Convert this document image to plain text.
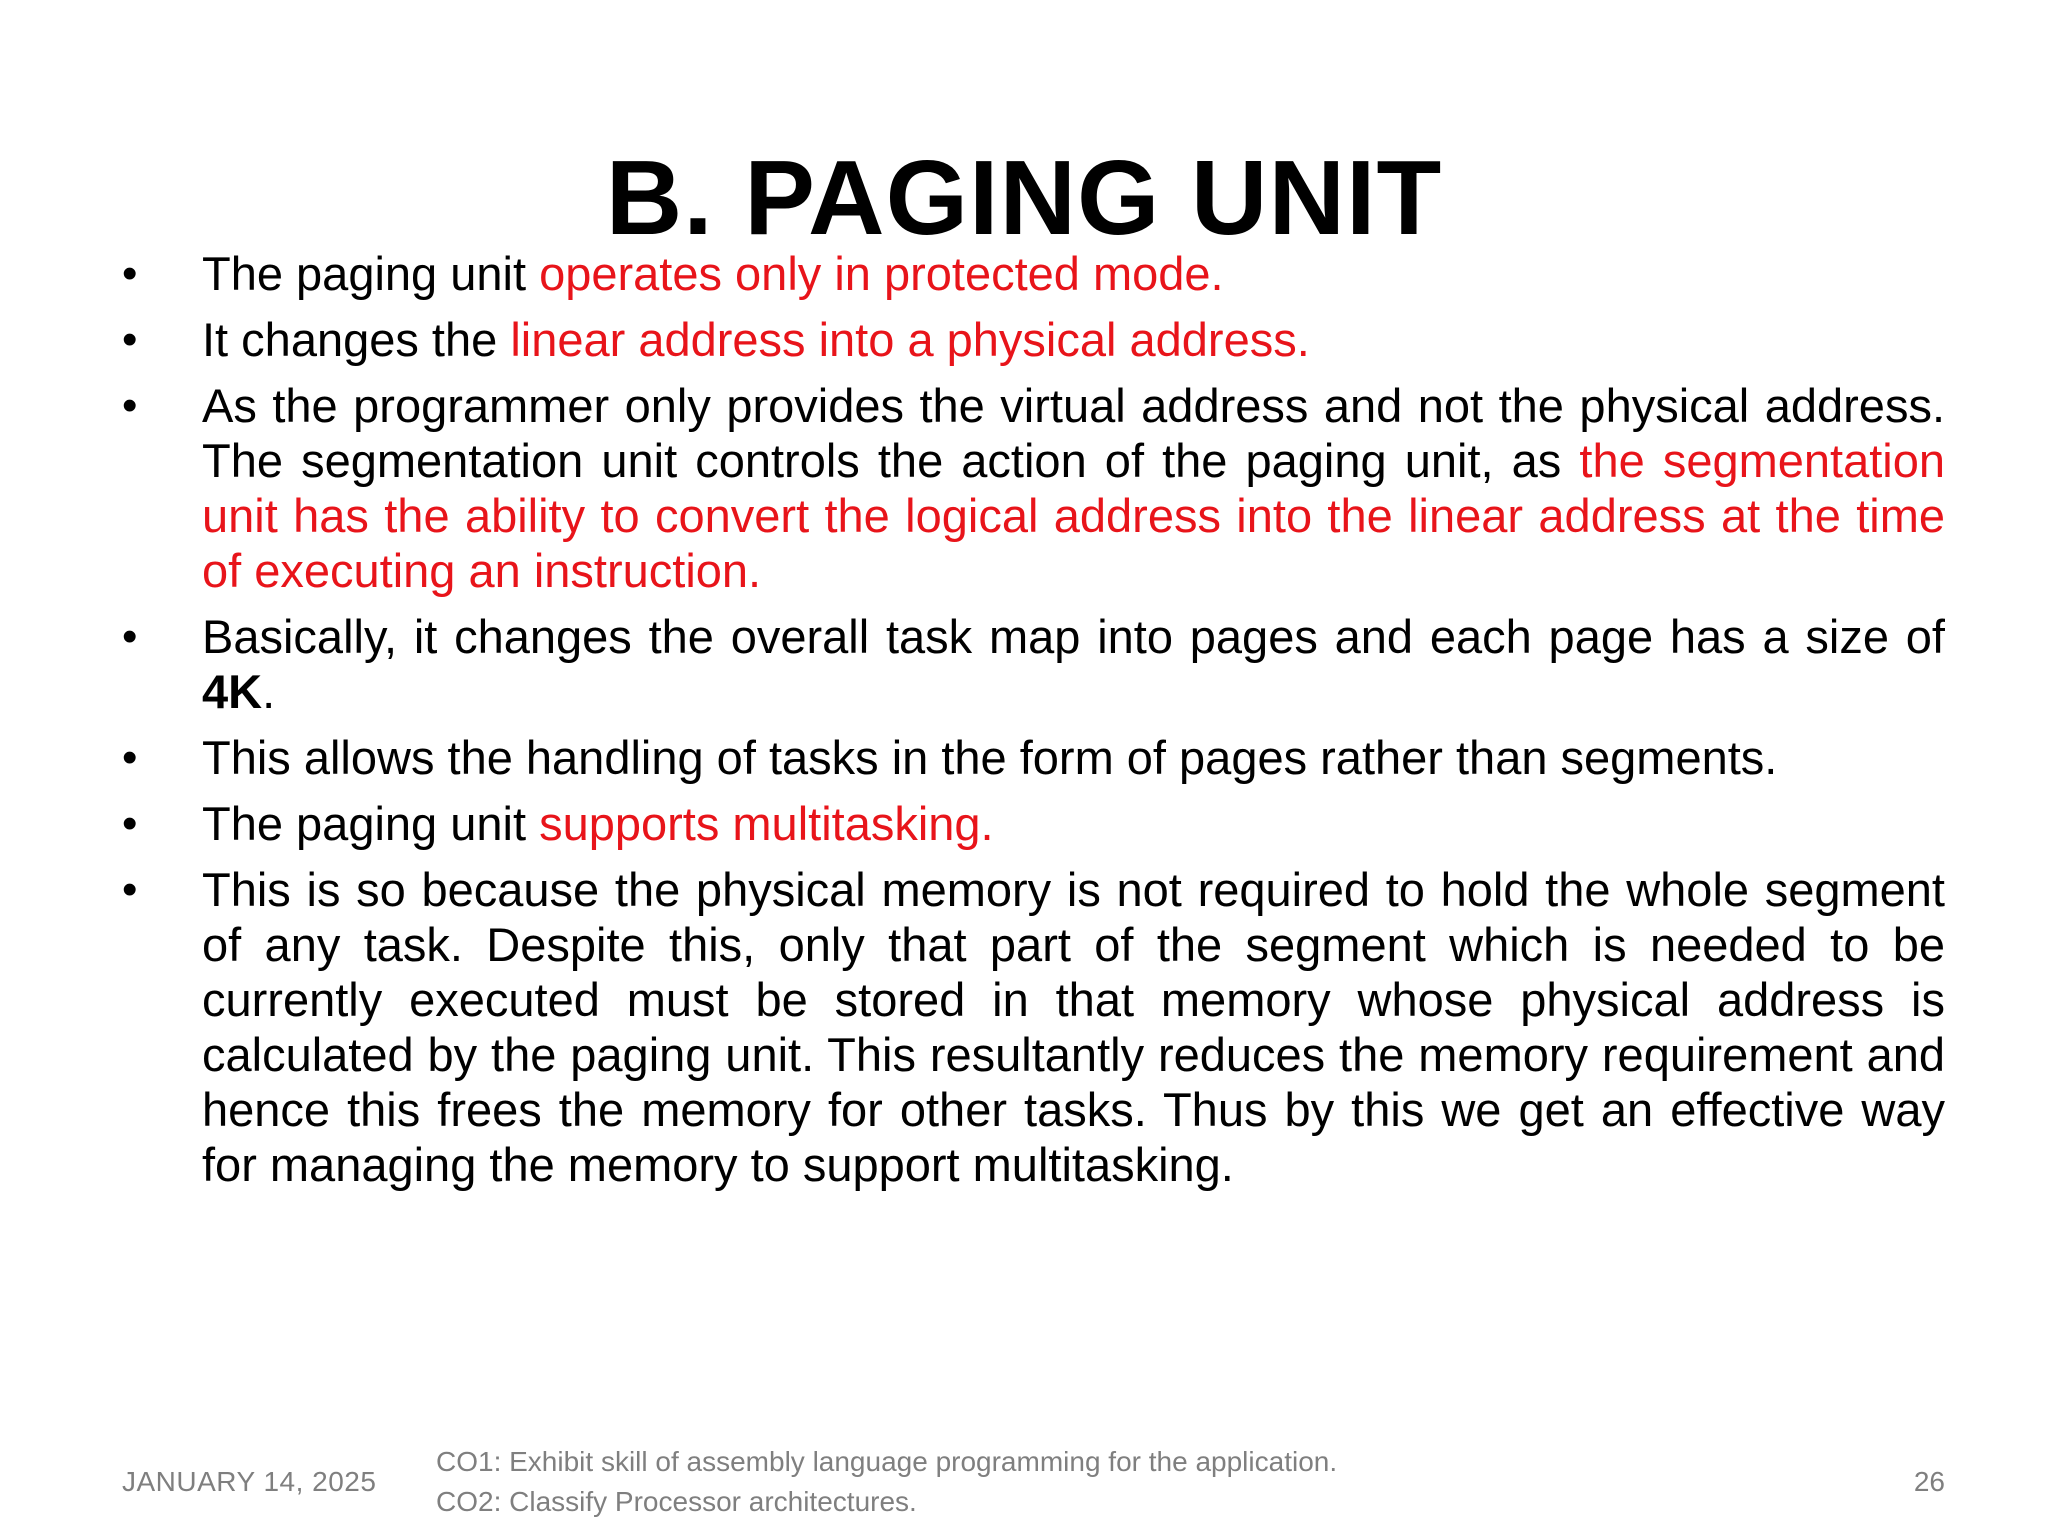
B. PAGING UNIT
•	The paging unit operates only in protected mode.
•	It changes the linear address into a physical address.
•	As the programmer only provides the virtual address and not the physical address. The segmentation unit controls the action of the paging unit, as the segmentation unit has the ability to convert the logical address into the linear address at the time of executing an instruction.
•	Basically, it changes the overall task map into pages and each page has a size of 4K.
•	This allows the handling of tasks in the form of pages rather than segments.
•	The paging unit supports multitasking.
•	This is so because the physical memory is not required to hold the whole segment of any task. Despite this, only that part of the segment which is needed to be currently executed must be stored in that memory whose physical address is calculated by the paging unit. This resultantly reduces the memory requirement and hence this frees the memory for other tasks. Thus by this we get an effective way for managing the memory to support multitasking.
JANUARY 14, 2025
CO1: Exhibit skill of assembly language programming for the application.
CO2: Classify Processor architectures.
26
